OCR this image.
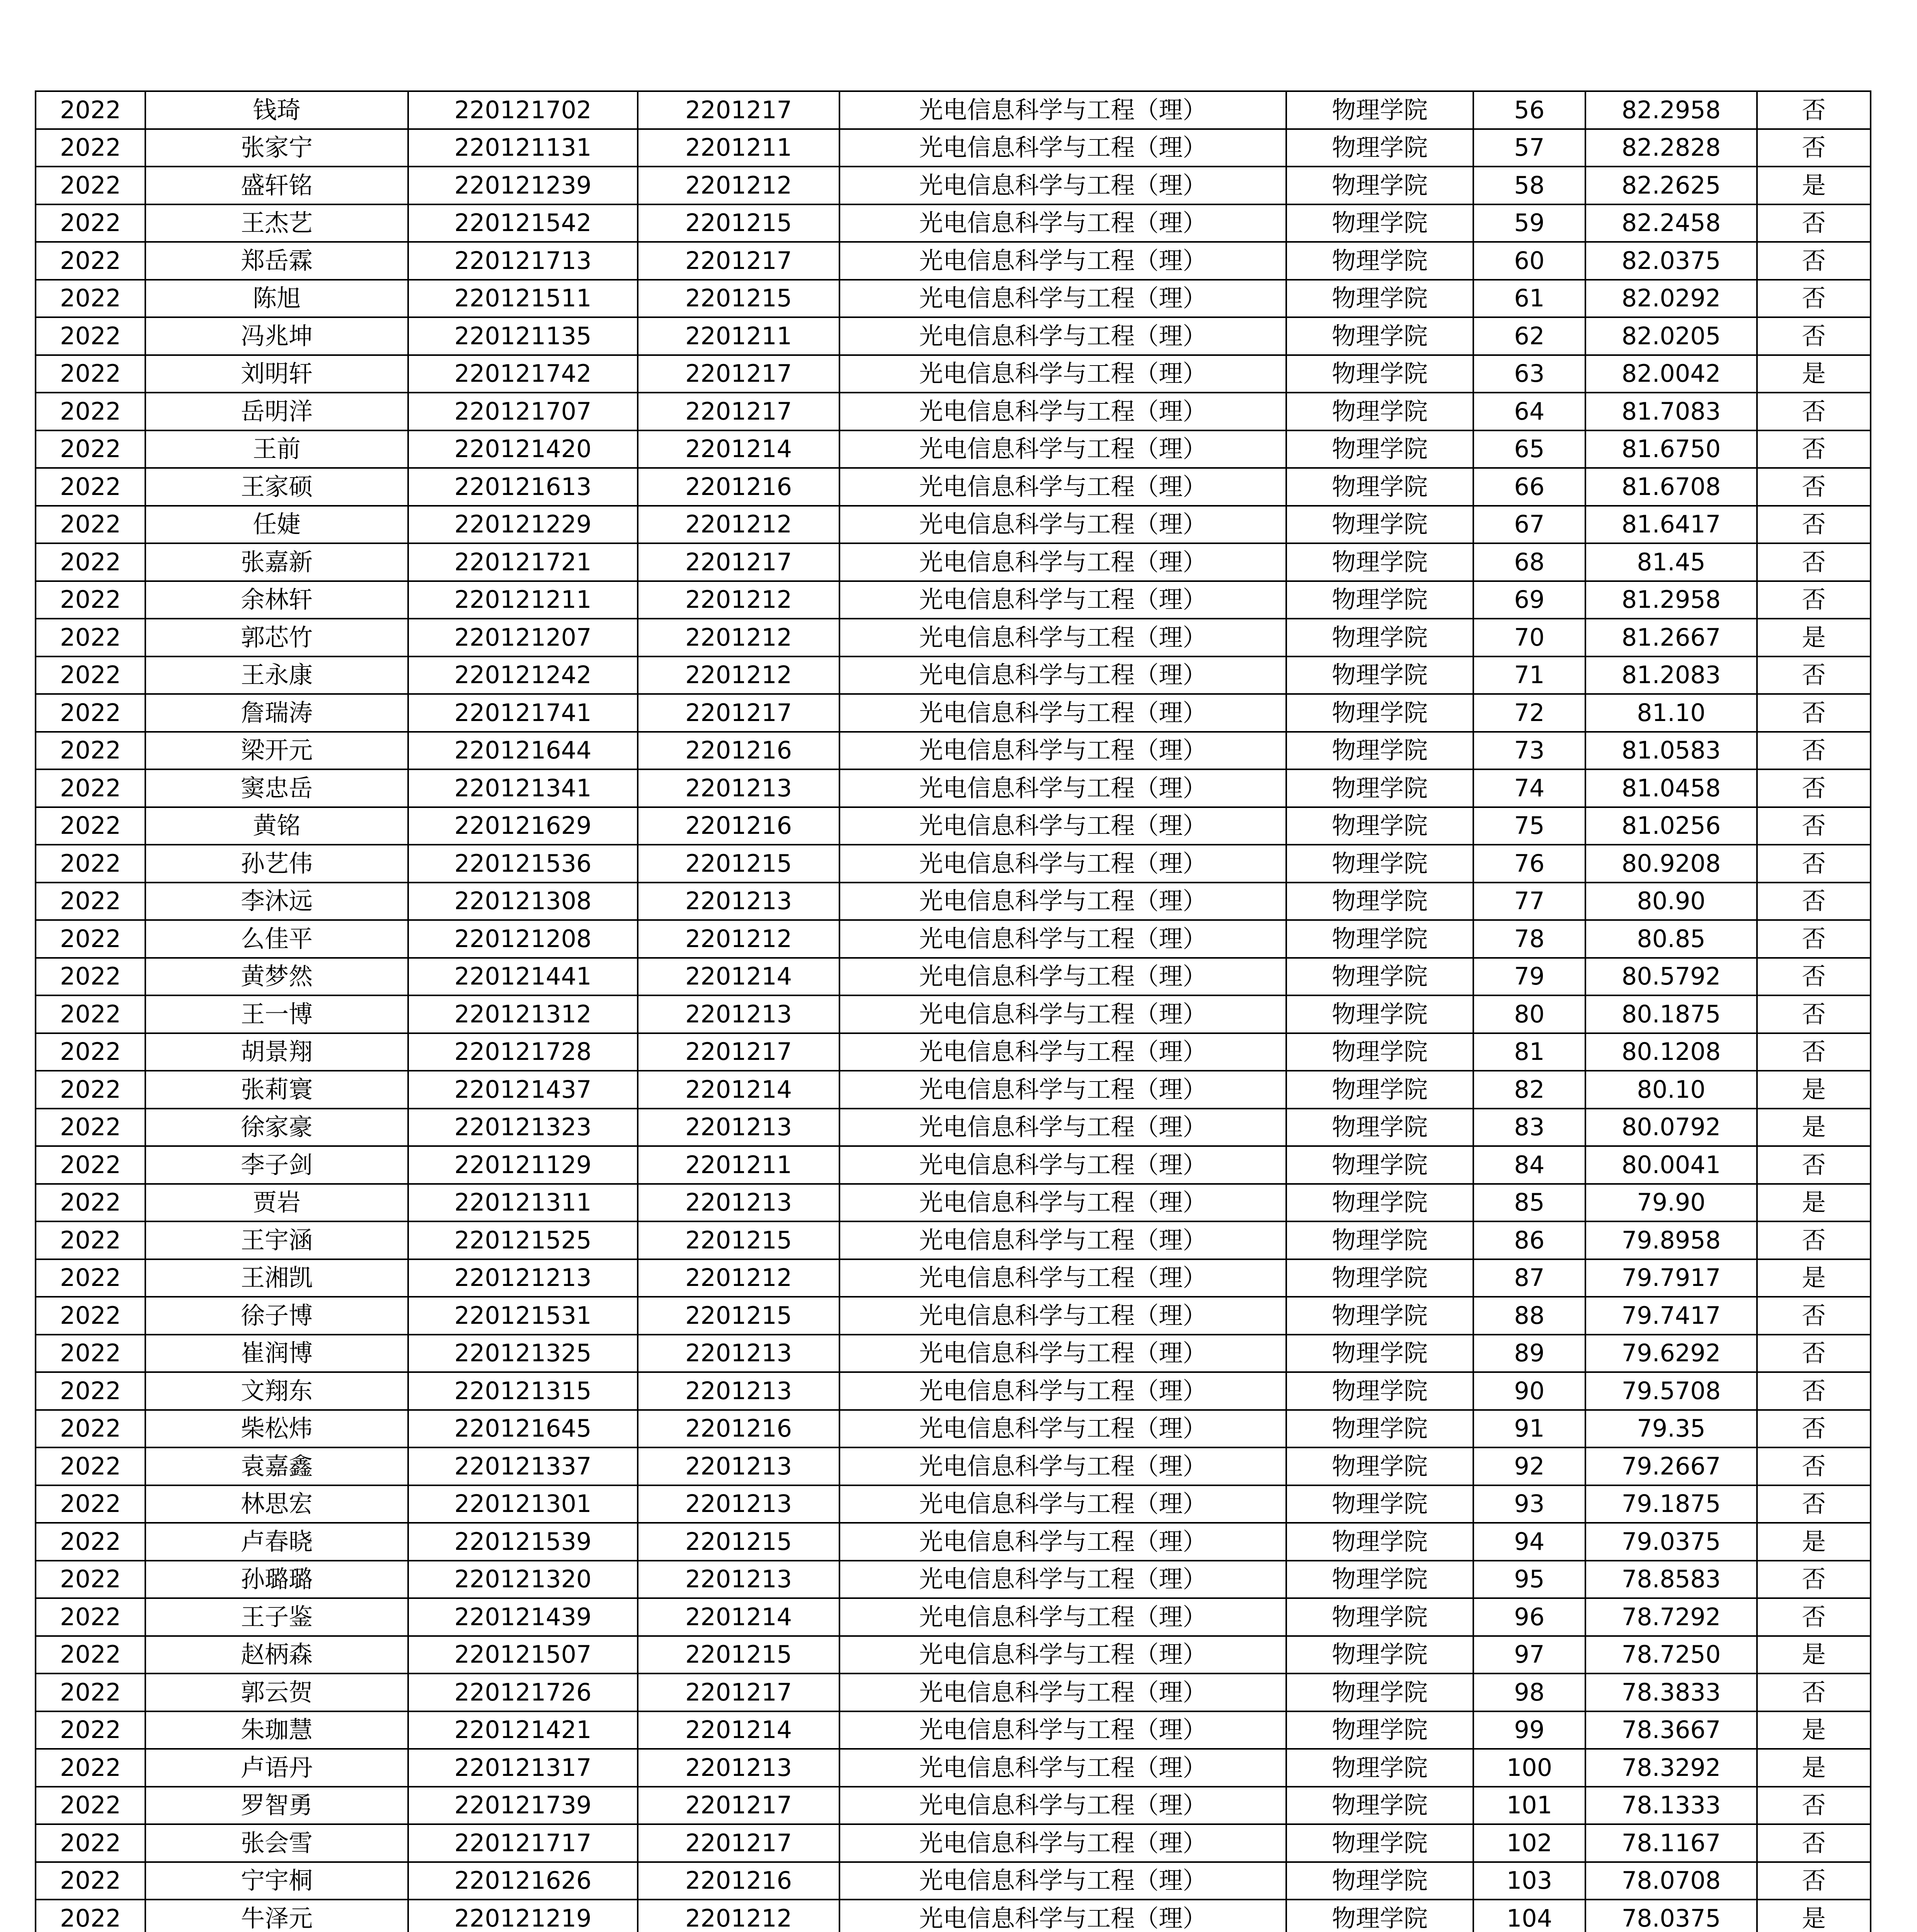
2022	钱琦	220121702	2201217	光电信息科学与工程（理）	物理学院	56	82.2958	否
2022	张家宁	220121131	2201211	光电信息科学与工程（理）	物理学院	57	82.2828	否
2022	盛轩铭	220121239	2201212	光电信息科学与工程（理）	物理学院	58	82.2625	是
2022	王杰艺	220121542	2201215	光电信息科学与工程（理）	物理学院	59	82.2458	否
2022	郑岳霖	220121713	2201217	光电信息科学与工程（理）	物理学院	60	82.0375	否
2022	陈旭	220121511	2201215	光电信息科学与工程（理）	物理学院	61	82.0292	否
2022	冯兆坤	220121135	2201211	光电信息科学与工程（理）	物理学院	62	82.0205	否
2022	刘明轩	220121742	2201217	光电信息科学与工程（理）	物理学院	63	82.0042	是
2022	岳明洋	220121707	2201217	光电信息科学与工程（理）	物理学院	64	81.7083	否
2022	王前	220121420	2201214	光电信息科学与工程（理）	物理学院	65	81.6750	否
2022	王家硕	220121613	2201216	光电信息科学与工程（理）	物理学院	66	81.6708	否
2022	任婕	220121229	2201212	光电信息科学与工程（理）	物理学院	67	81.6417	否
2022	张嘉新	220121721	2201217	光电信息科学与工程（理）	物理学院	68	81.45	否
2022	余林轩	220121211	2201212	光电信息科学与工程（理）	物理学院	69	81.2958	否
2022	郭芯竹	220121207	2201212	光电信息科学与工程（理）	物理学院	70	81.2667	是
2022	王永康	220121242	2201212	光电信息科学与工程（理）	物理学院	71	81.2083	否
2022	詹瑞涛	220121741	2201217	光电信息科学与工程（理）	物理学院	72	81.10	否
2022	梁开元	220121644	2201216	光电信息科学与工程（理）	物理学院	73	81.0583	否
2022	窦忠岳	220121341	2201213	光电信息科学与工程（理）	物理学院	74	81.0458	否
2022	黄铭	220121629	2201216	光电信息科学与工程（理）	物理学院	75	81.0256	否
2022	孙艺伟	220121536	2201215	光电信息科学与工程（理）	物理学院	76	80.9208	否
2022	李沐远	220121308	2201213	光电信息科学与工程（理）	物理学院	77	80.90	否
2022	么佳平	220121208	2201212	光电信息科学与工程（理）	物理学院	78	80.85	否
2022	黄梦然	220121441	2201214	光电信息科学与工程（理）	物理学院	79	80.5792	否
2022	王一博	220121312	2201213	光电信息科学与工程（理）	物理学院	80	80.1875	否
2022	胡景翔	220121728	2201217	光电信息科学与工程（理）	物理学院	81	80.1208	否
2022	张莉寰	220121437	2201214	光电信息科学与工程（理）	物理学院	82	80.10	是
2022	徐家豪	220121323	2201213	光电信息科学与工程（理）	物理学院	83	80.0792	是
2022	李子剑	220121129	2201211	光电信息科学与工程（理）	物理学院	84	80.0041	否
2022	贾岩	220121311	2201213	光电信息科学与工程（理）	物理学院	85	79.90	是
2022	王宇涵	220121525	2201215	光电信息科学与工程（理）	物理学院	86	79.8958	否
2022	王湘凯	220121213	2201212	光电信息科学与工程（理）	物理学院	87	79.7917	是
2022	徐子博	220121531	2201215	光电信息科学与工程（理）	物理学院	88	79.7417	否
2022	崔润博	220121325	2201213	光电信息科学与工程（理）	物理学院	89	79.6292	否
2022	文翔东	220121315	2201213	光电信息科学与工程（理）	物理学院	90	79.5708	否
2022	柴松炜	220121645	2201216	光电信息科学与工程（理）	物理学院	91	79.35	否
2022	袁嘉鑫	220121337	2201213	光电信息科学与工程（理）	物理学院	92	79.2667	否
2022	林思宏	220121301	2201213	光电信息科学与工程（理）	物理学院	93	79.1875	否
2022	卢春晓	220121539	2201215	光电信息科学与工程（理）	物理学院	94	79.0375	是
2022	孙璐璐	220121320	2201213	光电信息科学与工程（理）	物理学院	95	78.8583	否
2022	王子鉴	220121439	2201214	光电信息科学与工程（理）	物理学院	96	78.7292	否
2022	赵柄森	220121507	2201215	光电信息科学与工程（理）	物理学院	97	78.7250	是
2022	郭云贺	220121726	2201217	光电信息科学与工程（理）	物理学院	98	78.3833	否
2022	朱珈慧	220121421	2201214	光电信息科学与工程（理）	物理学院	99	78.3667	是
2022	卢语丹	220121317	2201213	光电信息科学与工程（理）	物理学院	100	78.3292	是
2022	罗智勇	220121739	2201217	光电信息科学与工程（理）	物理学院	101	78.1333	否
2022	张会雪	220121717	2201217	光电信息科学与工程（理）	物理学院	102	78.1167	否
2022	宁宇桐	220121626	2201216	光电信息科学与工程（理）	物理学院	103	78.0708	否
2022	牛泽元	220121219	2201212	光电信息科学与工程（理）	物理学院	104	78.0375	是
